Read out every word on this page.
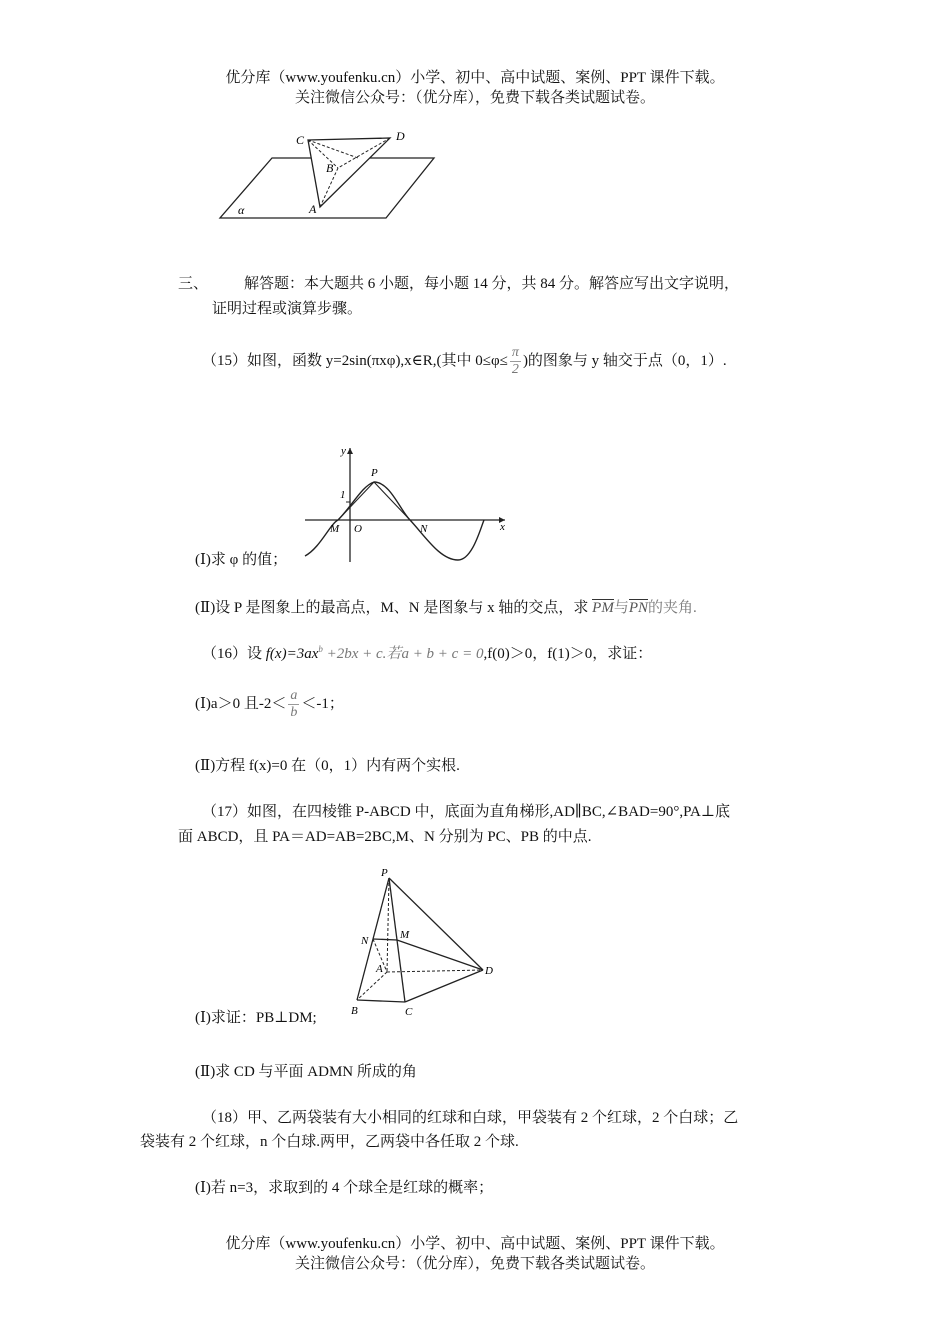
优分库（www.youfenku.cn）小学、初中、高中试题、案例、PPT 课件下载。
关注微信公众号：（优分库），免费下载各类试题试卷。
C	D
B
A
α
三、 解答题：本大题共 6 小题，每小题 14 分，共 84 分。解答应写出文字说明，
证明过程或演算步骤。
（15）如图，函数 y=2sin(πxφ),x∈R,(其中 $0\le\varphi\le \frac{\pi}{2}$ )的图象与 y 轴交于点（0，1）.
y
P
1
M O	N	x
(Ⅰ)求 φ 的值；
(Ⅱ)设 P 是图象上的最高点，M、N 是图象与 x 轴的交点，求 PM与PN的夹角.
（16）设 $f(x)=3ax^b +2bx + c$.若a + b + c = 0,f(0)＞0，f(1)＞0，求证：
(Ⅰ)a＞0 且$-2< \frac{a}{b} <-1$；
(Ⅱ)方程 f(x)=0 在（0，1）内有两个实根.
（17）如图，在四棱锥 P-ABCD 中，底面为直角梯形,AD∥BC,∠BAD=90°,PA⊥底
面 ABCD，且 PA＝AD=AB=2BC,M、N 分别为 PC、PB 的中点.
P
N	M
A	D
B	C
(Ⅰ)求证：PB⊥DM;
(Ⅱ)求 CD 与平面 ADMN 所成的角
（18）甲、乙两袋装有大小相同的红球和白球，甲袋装有 2 个红球，2 个白球；乙
袋装有 2 个红球，n 个白球.两甲，乙两袋中各任取 2 个球.
(Ⅰ)若 n=3，求取到的 4 个球全是红球的概率；
优分库（www.youfenku.cn）小学、初中、高中试题、案例、PPT 课件下载。
关注微信公众号：（优分库），免费下载各类试题试卷。
